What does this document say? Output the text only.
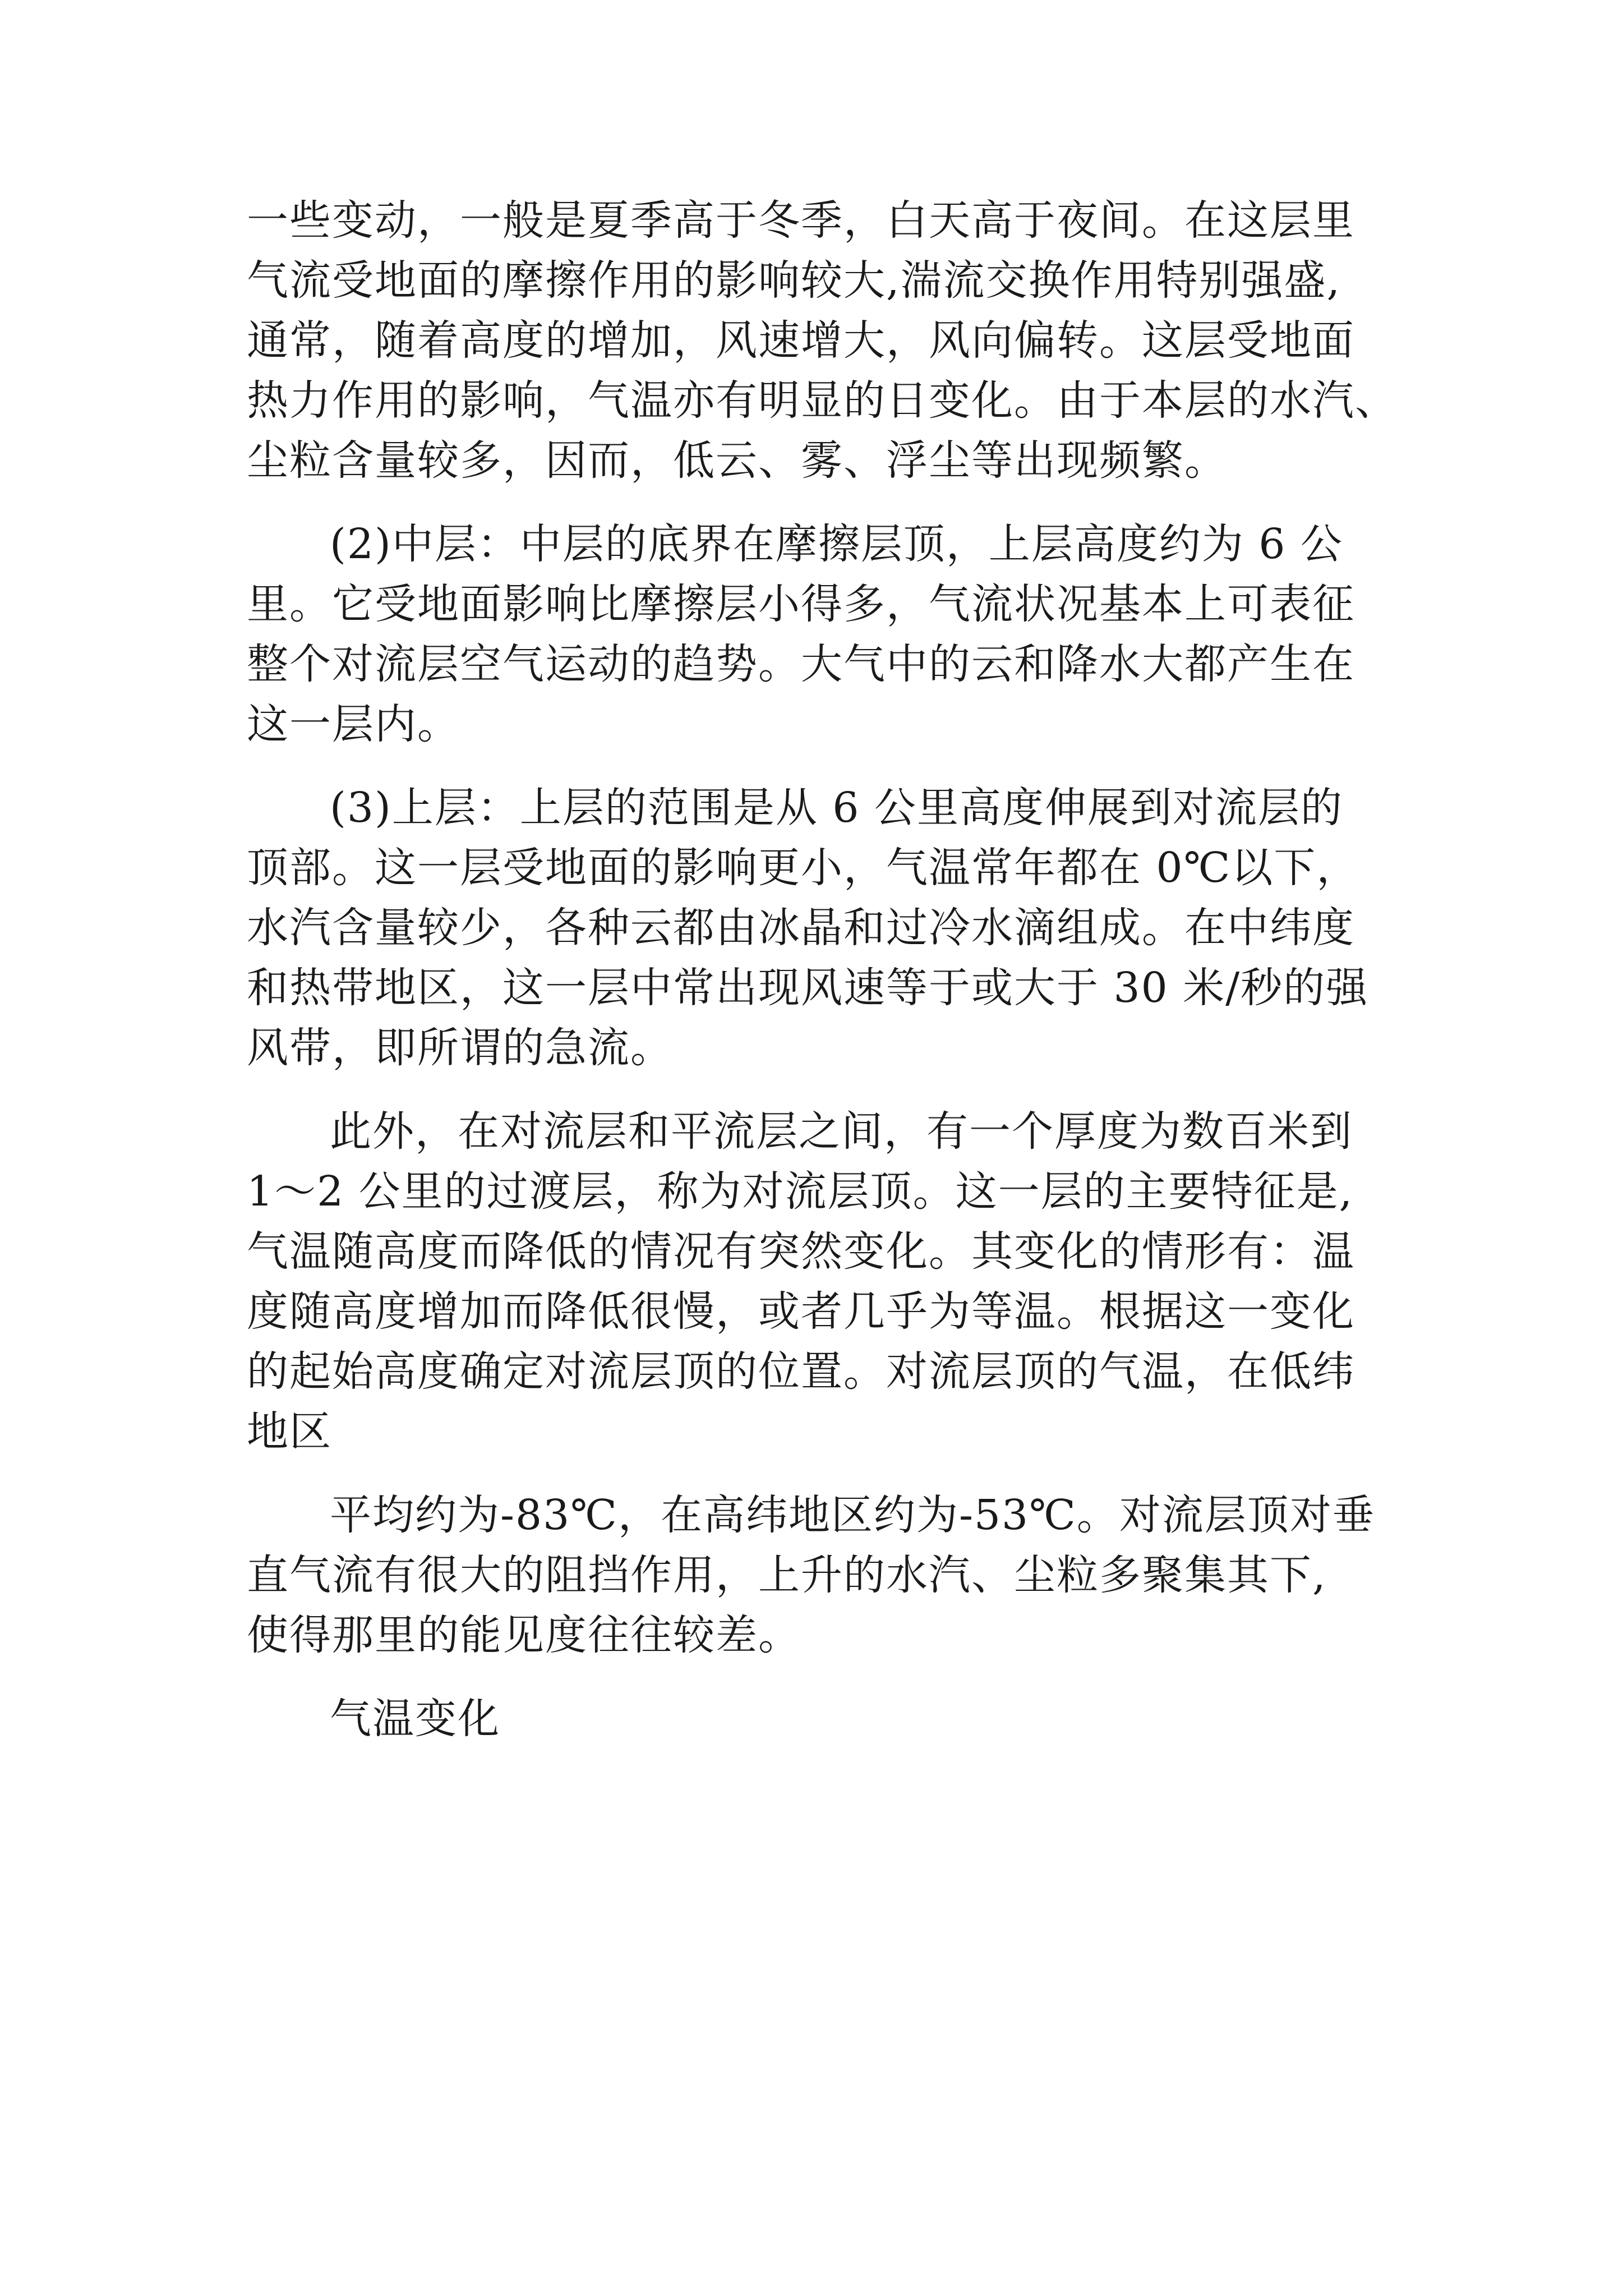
一些变动，一般是夏季高于冬季，白天高于夜间。在这层里
气流受地面的摩擦作用的影响较大,湍流交换作用特别强盛,
通常，随着高度的增加，风速增大，风向偏转。这层受地面
热力作用的影响，气温亦有明显的日变化。由于本层的水汽、
尘粒含量较多，因而，低云、雾、浮尘等出现频繁。

(2)中层：中层的底界在摩擦层顶，上层高度约为 6 公
里。它受地面影响比摩擦层小得多，气流状况基本上可表征
整个对流层空气运动的趋势。大气中的云和降水大都产生在
这一层内。

(3)上层：上层的范围是从 6 公里高度伸展到对流层的
顶部。这一层受地面的影响更小，气温常年都在 0℃以下，
水汽含量较少，各种云都由冰晶和过冷水滴组成。在中纬度
和热带地区，这一层中常出现风速等于或大于 30 米/秒的强
风带，即所谓的急流。

此外，在对流层和平流层之间，有一个厚度为数百米到
1～2 公里的过渡层，称为对流层顶。这一层的主要特征是,
气温随高度而降低的情况有突然变化。其变化的情形有：温
度随高度增加而降低很慢，或者几乎为等温。根据这一变化
的起始高度确定对流层顶的位置。对流层顶的气温，在低纬
地区

平均约为-83℃，在高纬地区约为-53℃。对流层顶对垂
直气流有很大的阻挡作用，上升的水汽、尘粒多聚集其下,
使得那里的能见度往往较差。

气温变化
